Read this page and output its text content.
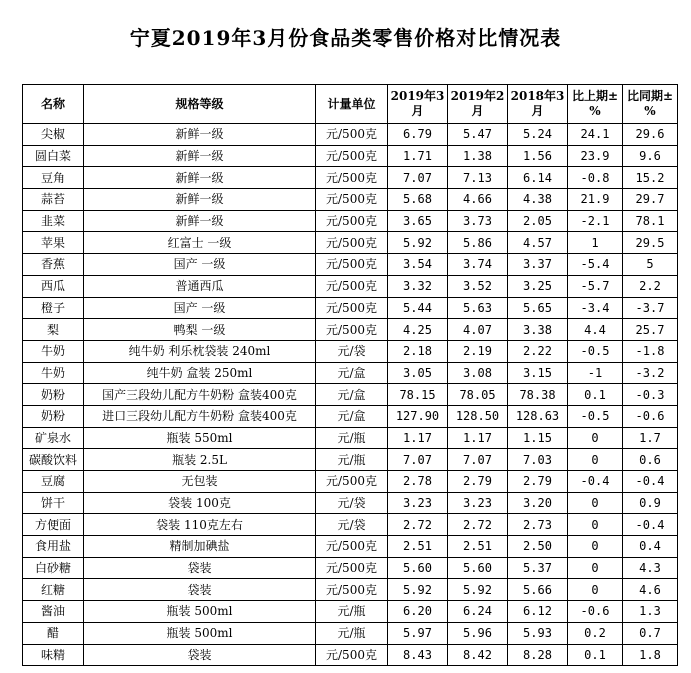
宁夏2019年3月份食品类零售价格对比情况表
名称	规格等级	计量单位	2019年3月	2019年2月	2018年3月	比上期±%	比同期±%
尖椒	新鲜一级	元/500克	6.79	5.47	5.24	24.1	29.6
圆白菜	新鲜一级	元/500克	1.71	1.38	1.56	23.9	9.6
豆角	新鲜一级	元/500克	7.07	7.13	6.14	-0.8	15.2
蒜苔	新鲜一级	元/500克	5.68	4.66	4.38	21.9	29.7
韭菜	新鲜一级	元/500克	3.65	3.73	2.05	-2.1	78.1
苹果	红富士 一级	元/500克	5.92	5.86	4.57	1	29.5
香蕉	国产 一级	元/500克	3.54	3.74	3.37	-5.4	5
西瓜	普通西瓜	元/500克	3.32	3.52	3.25	-5.7	2.2
橙子	国产 一级	元/500克	5.44	5.63	5.65	-3.4	-3.7
梨	鸭梨 一级	元/500克	4.25	4.07	3.38	4.4	25.7
牛奶	纯牛奶 利乐枕袋装 240ml	元/袋	2.18	2.19	2.22	-0.5	-1.8
牛奶	纯牛奶 盒装 250ml	元/盒	3.05	3.08	3.15	-1	-3.2
奶粉	国产三段幼儿配方牛奶粉 盒装400克	元/盒	78.15	78.05	78.38	0.1	-0.3
奶粉	进口三段幼儿配方牛奶粉 盒装400克	元/盒	127.90	128.50	128.63	-0.5	-0.6
矿泉水	瓶装 550ml	元/瓶	1.17	1.17	1.15	0	1.7
碳酸饮料	瓶装 2.5L	元/瓶	7.07	7.07	7.03	0	0.6
豆腐	无包装	元/500克	2.78	2.79	2.79	-0.4	-0.4
饼干	袋装 100克	元/袋	3.23	3.23	3.20	0	0.9
方便面	袋装 110克左右	元/袋	2.72	2.72	2.73	0	-0.4
食用盐	精制加碘盐	元/500克	2.51	2.51	2.50	0	0.4
白砂糖	袋装	元/500克	5.60	5.60	5.37	0	4.3
红糖	袋装	元/500克	5.92	5.92	5.66	0	4.6
酱油	瓶装 500ml	元/瓶	6.20	6.24	6.12	-0.6	1.3
醋	瓶装 500ml	元/瓶	5.97	5.96	5.93	0.2	0.7
味精	袋装	元/500克	8.43	8.42	8.28	0.1	1.8
